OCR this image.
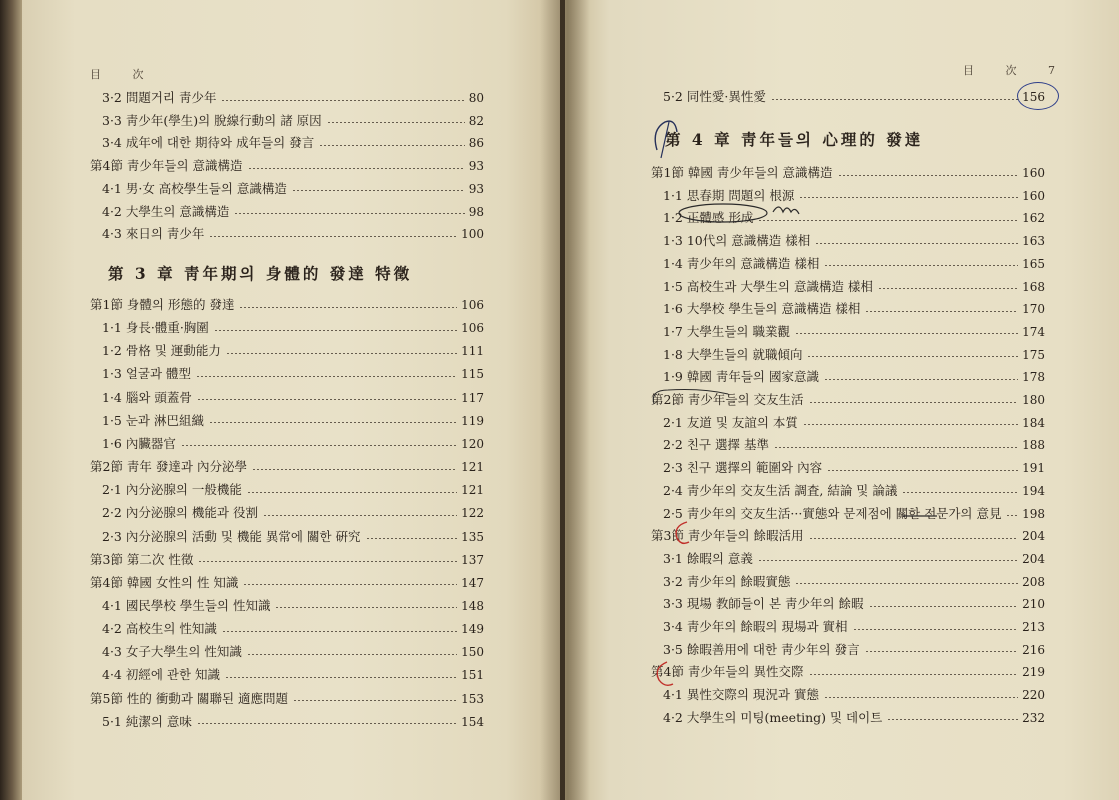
目 次
3·2 問題거리 靑少年	80
3·3 靑少年(學生)의 脫線行動의 諸 原因	82
3·4 成年에 대한 期待와 成年들의 發言	86
第4節 靑少年들의 意識構造	93
4·1 男·女 高校學生들의 意識構造	93
4·2 大學生의 意識構造	98
4·3 來日의 靑少年	100
第 3 章 靑年期의 身體的 發達 特徵
第1節 身體의 形態的 發達	106
1·1 身長·體重·胸圍	106
1·2 骨格 및 運動能力	111
1·3 얼굴과 體型	115
1·4 腦와 頭蓋骨	117
1·5 눈과 淋巴組織	119
1·6 內臟器官	120
第2節 靑年 發達과 內分泌學	121
2·1 內分泌腺의 一般機能	121
2·2 內分泌腺의 機能과 役割	122
2·3 內分泌腺의 活動 및 機能 異常에 關한 硏究	135
第3節 第二次 性徵	137
第4節 韓國 女性의 性 知識	147
4·1 國民學校 學生들의 性知識	148
4·2 高校生의 性知識	149
4·3 女子大學生의 性知識	150
4·4 初經에 관한 知識	151
第5節 性的 衝動과 關聯된 適應問題	153
5·1 純潔의 意味	154
目 次 7
5·2 同性愛·異性愛	156
第 4 章 靑年들의 心理的 發達
第1節 韓國 靑少年들의 意識構造	160
1·1 思春期 問題의 根源	160
1·2 正體感 形成	162
1·3 10代의 意識構造 樣相	163
1·4 靑少年의 意識構造 樣相	165
1·5 高校生과 大學生의 意識構造 樣相	168
1·6 大學校 學生들의 意識構造 樣相	170
1·7 大學生들의 職業觀	174
1·8 大學生들의 就職傾向	175
1·9 韓國 靑年들의 國家意識	178
第2節 靑少年들의 交友生活	180
2·1 友道 및 友誼의 本質	184
2·2 친구 選擇 基準	188
2·3 친구 選擇의 範圍와 內容	191
2·4 靑少年의 交友生活 調査, 結論 및 論議	194
2·5 靑少年의 交友生活···實態와 문제점에 關한 전문가의 意見 198
第3節 靑少年들의 餘暇活用	204
3·1 餘暇의 意義	204
3·2 靑少年의 餘暇實態	208
3·3 現場 教師들이 본 靑少年의 餘暇	210
3·4 靑少年의 餘暇의 現場과 實相	213
3·5 餘暇善用에 대한 靑少年의 發言	216
第4節 靑少年들의 異性交際	219
4·1 異性交際의 現況과 實態	220
4·2 大學生의 미팅(meeting) 및 데이트	232
